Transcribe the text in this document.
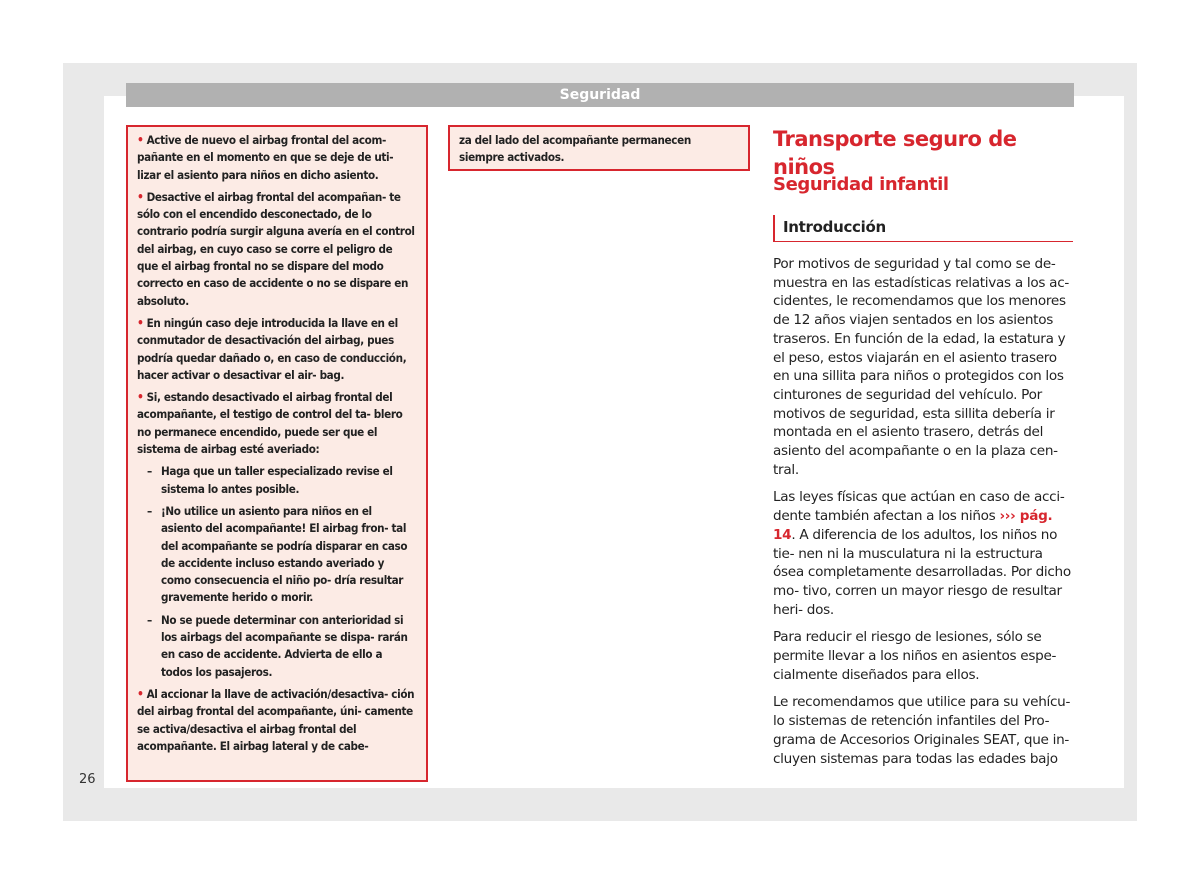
Seguridad
• Active de nuevo el airbag frontal del acom- pañante en el momento en que se deje de uti- lizar el asiento para niños en dicho asiento.
• Desactive el airbag frontal del acompañan- te sólo con el encendido desconectado, de lo contrario podría surgir alguna avería en el control del airbag, en cuyo caso se corre el peligro de que el airbag frontal no se dispare del modo correcto en caso de accidente o no se dispare en absoluto.
• En ningún caso deje introducida la llave en el conmutador de desactivación del airbag, pues podría quedar dañado o, en caso de conducción, hacer activar o desactivar el air- bag.
• Si, estando desactivado el airbag frontal del acompañante, el testigo de control del ta- blero no permanece encendido, puede ser que el sistema de airbag esté averiado:
– Haga que un taller especializado revise el sistema lo antes posible.
– ¡No utilice un asiento para niños en el asiento del acompañante! El airbag fron- tal del acompañante se podría disparar en caso de accidente incluso estando averiado y como consecuencia el niño po- dría resultar gravemente herido o morir.
– No se puede determinar con anterioridad si los airbags del acompañante se dispa- rarán en caso de accidente. Advierta de ello a todos los pasajeros.
• Al accionar la llave de activación/desactiva- ción del airbag frontal del acompañante, úni- camente se activa/desactiva el airbag frontal del acompañante. El airbag lateral y de cabe-
za del lado del acompañante permanecen siempre activados.
Transporte seguro de niños
Seguridad infantil
Introducción

Por motivos de seguridad y tal como se de- muestra en las estadísticas relativas a los ac- cidentes, le recomendamos que los menores de 12 años viajen sentados en los asientos traseros. En función de la edad, la estatura y el peso, estos viajarán en el asiento trasero en una sillita para niños o protegidos con los cinturones de seguridad del vehículo. Por motivos de seguridad, esta sillita debería ir montada en el asiento trasero, detrás del asiento del acompañante o en la plaza cen- tral.

Las leyes físicas que actúan en caso de acci- dente también afectan a los niños ››› pág. 14. A diferencia de los adultos, los niños no tie- nen ni la musculatura ni la estructura ósea completamente desarrolladas. Por dicho mo- tivo, corren un mayor riesgo de resultar heri- dos.

Para reducir el riesgo de lesiones, sólo se permite llevar a los niños en asientos espe- cialmente diseñados para ellos.

Le recomendamos que utilice para su vehícu- lo sistemas de retención infantiles del Pro- grama de Accesorios Originales SEAT, que in- cluyen sistemas para todas las edades bajo

26
